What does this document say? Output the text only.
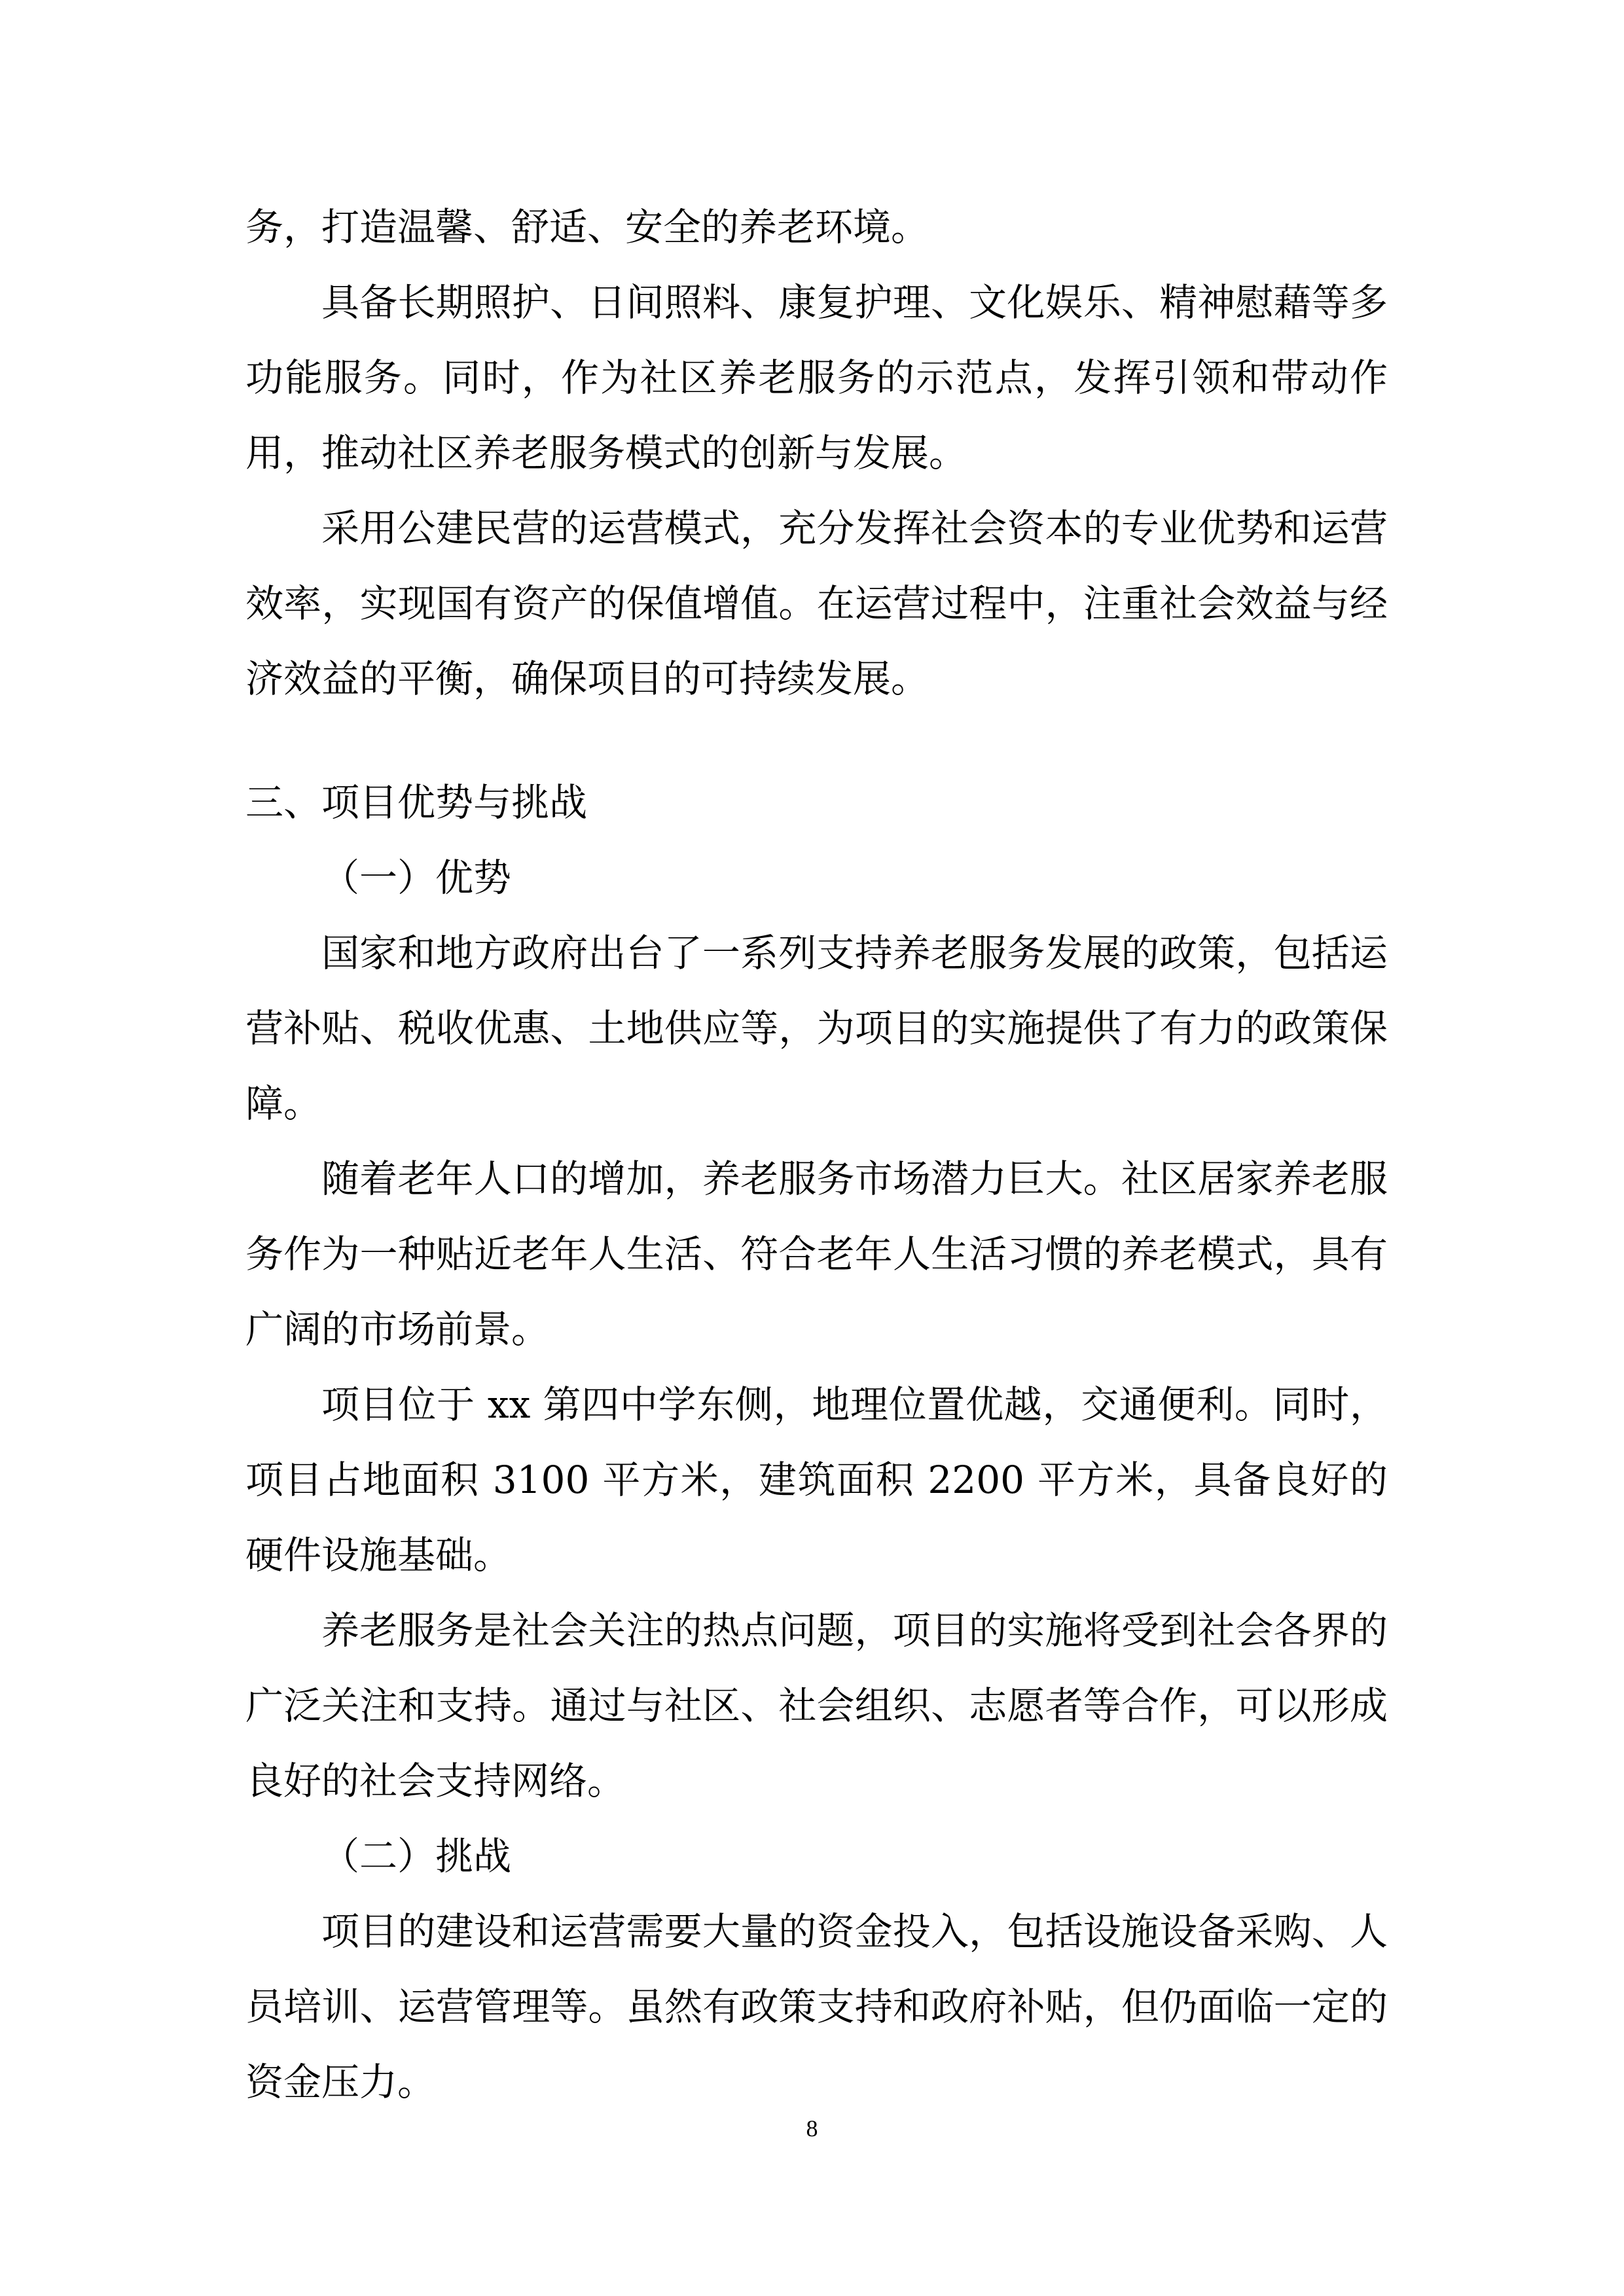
务，打造温馨、舒适、安全的养老环境。

具备长期照护、日间照料、康复护理、文化娱乐、精神慰藉等多功能服务。同时，作为社区养老服务的示范点，发挥引领和带动作用，推动社区养老服务模式的创新与发展。

采用公建民营的运营模式，充分发挥社会资本的专业优势和运营效率，实现国有资产的保值增值。在运营过程中，注重社会效益与经济效益的平衡，确保项目的可持续发展。

三、项目优势与挑战

（一）优势

国家和地方政府出台了一系列支持养老服务发展的政策，包括运营补贴、税收优惠、土地供应等，为项目的实施提供了有力的政策保障。

随着老年人口的增加，养老服务市场潜力巨大。社区居家养老服务作为一种贴近老年人生活、符合老年人生活习惯的养老模式，具有广阔的市场前景。

项目位于 xx 第四中学东侧，地理位置优越，交通便利。同时，项目占地面积 3100 平方米，建筑面积 2200 平方米，具备良好的硬件设施基础。

养老服务是社会关注的热点问题，项目的实施将受到社会各界的广泛关注和支持。通过与社区、社会组织、志愿者等合作，可以形成良好的社会支持网络。

（二）挑战

项目的建设和运营需要大量的资金投入，包括设施设备采购、人员培训、运营管理等。虽然有政策支持和政府补贴，但仍面临一定的资金压力。

8
